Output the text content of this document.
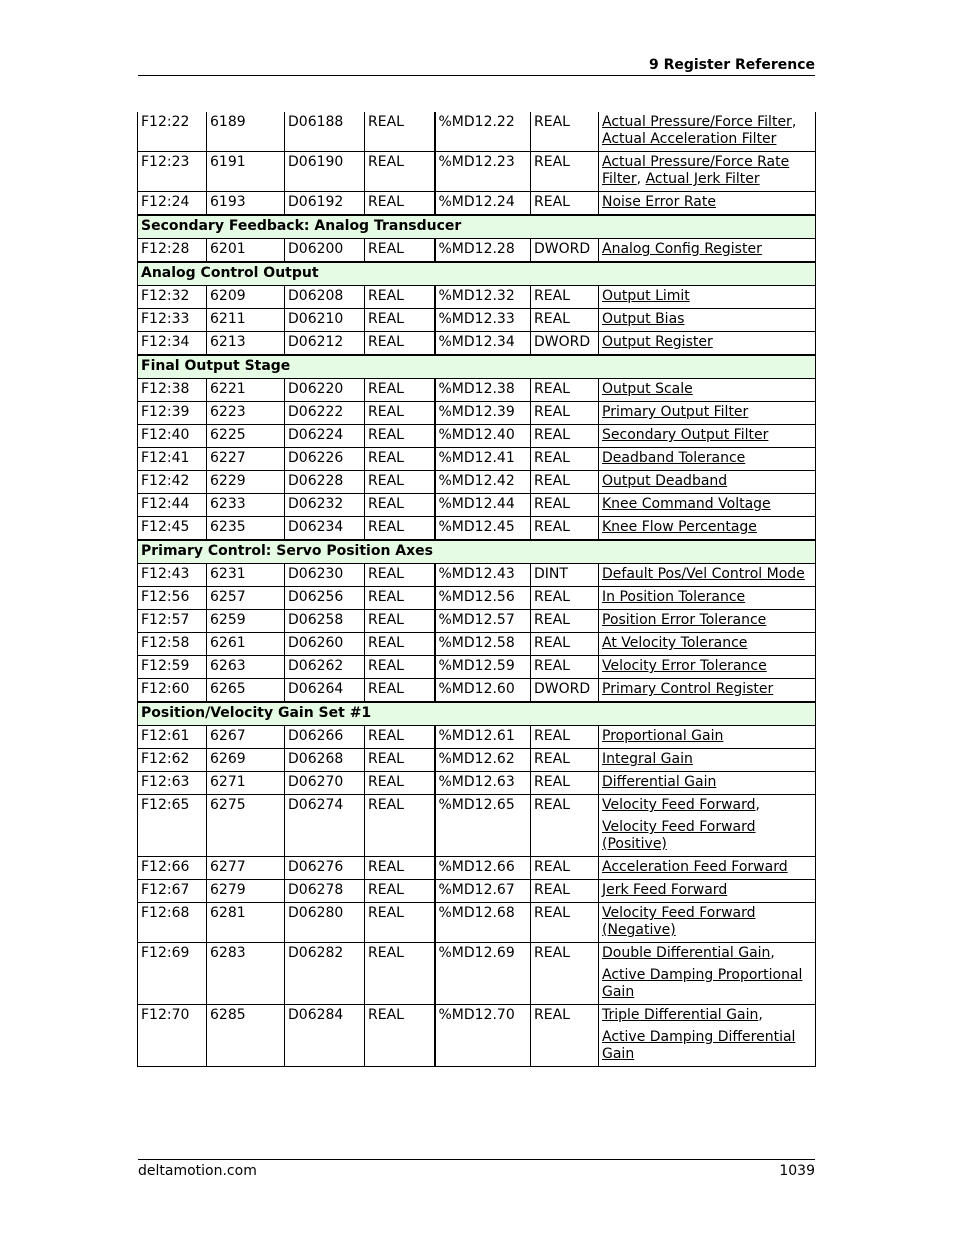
9 Register Reference
F12:22	6189	D06188	REAL	%MD12.22	REAL	Actual Pressure/Force Filter, Actual Acceleration Filter
F12:23	6191	D06190	REAL	%MD12.23	REAL	Actual Pressure/Force Rate Filter, Actual Jerk Filter
F12:24	6193	D06192	REAL	%MD12.24	REAL	Noise Error Rate

Secondary Feedback: Analog Transducer						
F12:28	6201	D06200	REAL	%MD12.28	DWORD	Analog Config Register

Analog Control Output						
F12:32	6209	D06208	REAL	%MD12.32	REAL	Output Limit

F12:33	6211	D06210	REAL	%MD12.33	REAL	Output Bias

F12:34	6213	D06212	REAL	%MD12.34	DWORD	Output Register

Final Output Stage						
F12:38	6221	D06220	REAL	%MD12.38	REAL	Output Scale

F12:39	6223	D06222	REAL	%MD12.39	REAL	Primary Output Filter

F12:40	6225	D06224	REAL	%MD12.40	REAL	Secondary Output Filter

F12:41	6227	D06226	REAL	%MD12.41	REAL	Deadband Tolerance

F12:42	6229	D06228	REAL	%MD12.42	REAL	Output Deadband

F12:44	6233	D06232	REAL	%MD12.44	REAL	Knee Command Voltage

F12:45	6235	D06234	REAL	%MD12.45	REAL	Knee Flow Percentage

Primary Control: Servo Position Axes						
F12:43	6231	D06230	REAL	%MD12.43	DINT	Default Pos/Vel Control Mode

F12:56	6257	D06256	REAL	%MD12.56	REAL	In Position Tolerance

F12:57	6259	D06258	REAL	%MD12.57	REAL	Position Error Tolerance

F12:58	6261	D06260	REAL	%MD12.58	REAL	At Velocity Tolerance

F12:59	6263	D06262	REAL	%MD12.59	REAL	Velocity Error Tolerance

F12:60	6265	D06264	REAL	%MD12.60	DWORD	Primary Control Register

Position/Velocity Gain Set #1						
F12:61	6267	D06266	REAL	%MD12.61	REAL	Proportional Gain

F12:62	6269	D06268	REAL	%MD12.62	REAL	Integral Gain

F12:63	6271	D06270	REAL	%MD12.63	REAL	Differential Gain

F12:65	6275	D06274	REAL	%MD12.65	REAL	Velocity Feed Forward,
Velocity Feed Forward (Positive)

F12:66	6277	D06276	REAL	%MD12.66	REAL	Acceleration Feed Forward

F12:67	6279	D06278	REAL	%MD12.67	REAL	Jerk Feed Forward

F12:68	6281	D06280	REAL	%MD12.68	REAL	Velocity Feed Forward (Negative)

F12:69	6283	D06282	REAL	%MD12.69	REAL	Double Differential Gain,
Active Damping Proportional Gain

F12:70	6285	D06284	REAL	%MD12.70	REAL	Triple Differential Gain,
Active Damping Differential Gain
deltamotion.com	1039
